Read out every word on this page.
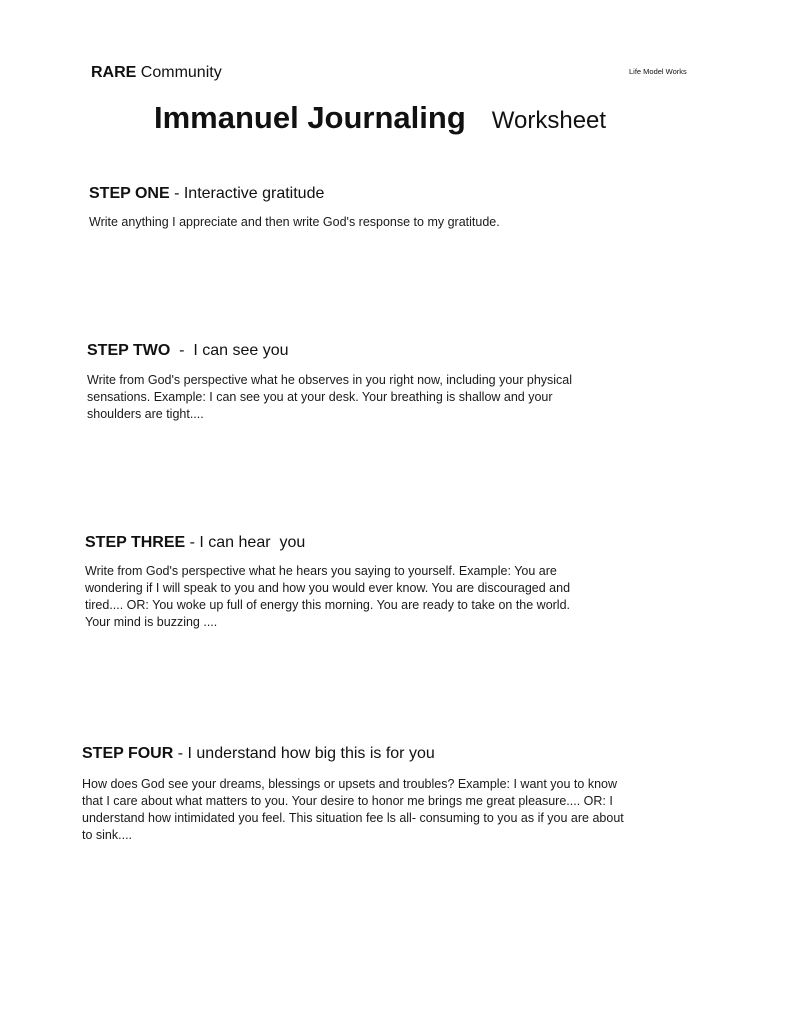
RARE Community	Life Model Works
Immanuel Journaling Worksheet
STEP ONE - Interactive gratitude
Write anything I appreciate and then write God's response to my gratitude.
STEP TWO  -  I can see you
Write from God's perspective what he observes in you right now, including your physical
sensations. Example: I can see you at your desk. Your breathing is shallow and your
shoulders are tight....
STEP THREE - I can hear  you
Write from God's perspective what he hears you saying to yourself. Example: You are
wondering if I will speak to you and how you would ever know. You are discouraged and
tired.... OR: You woke up full of energy this morning. You are ready to take on the world.
Your mind is buzzing ....
STEP FOUR - I understand how big this is for you
How does God see your dreams, blessings or upsets and troubles? Example: I want you to know
that I care about what matters to you. Your desire to honor me brings me great pleasure.... OR: I
understand how intimidated you feel. This situation fee ls all- consuming to you as if you are about
to sink....
